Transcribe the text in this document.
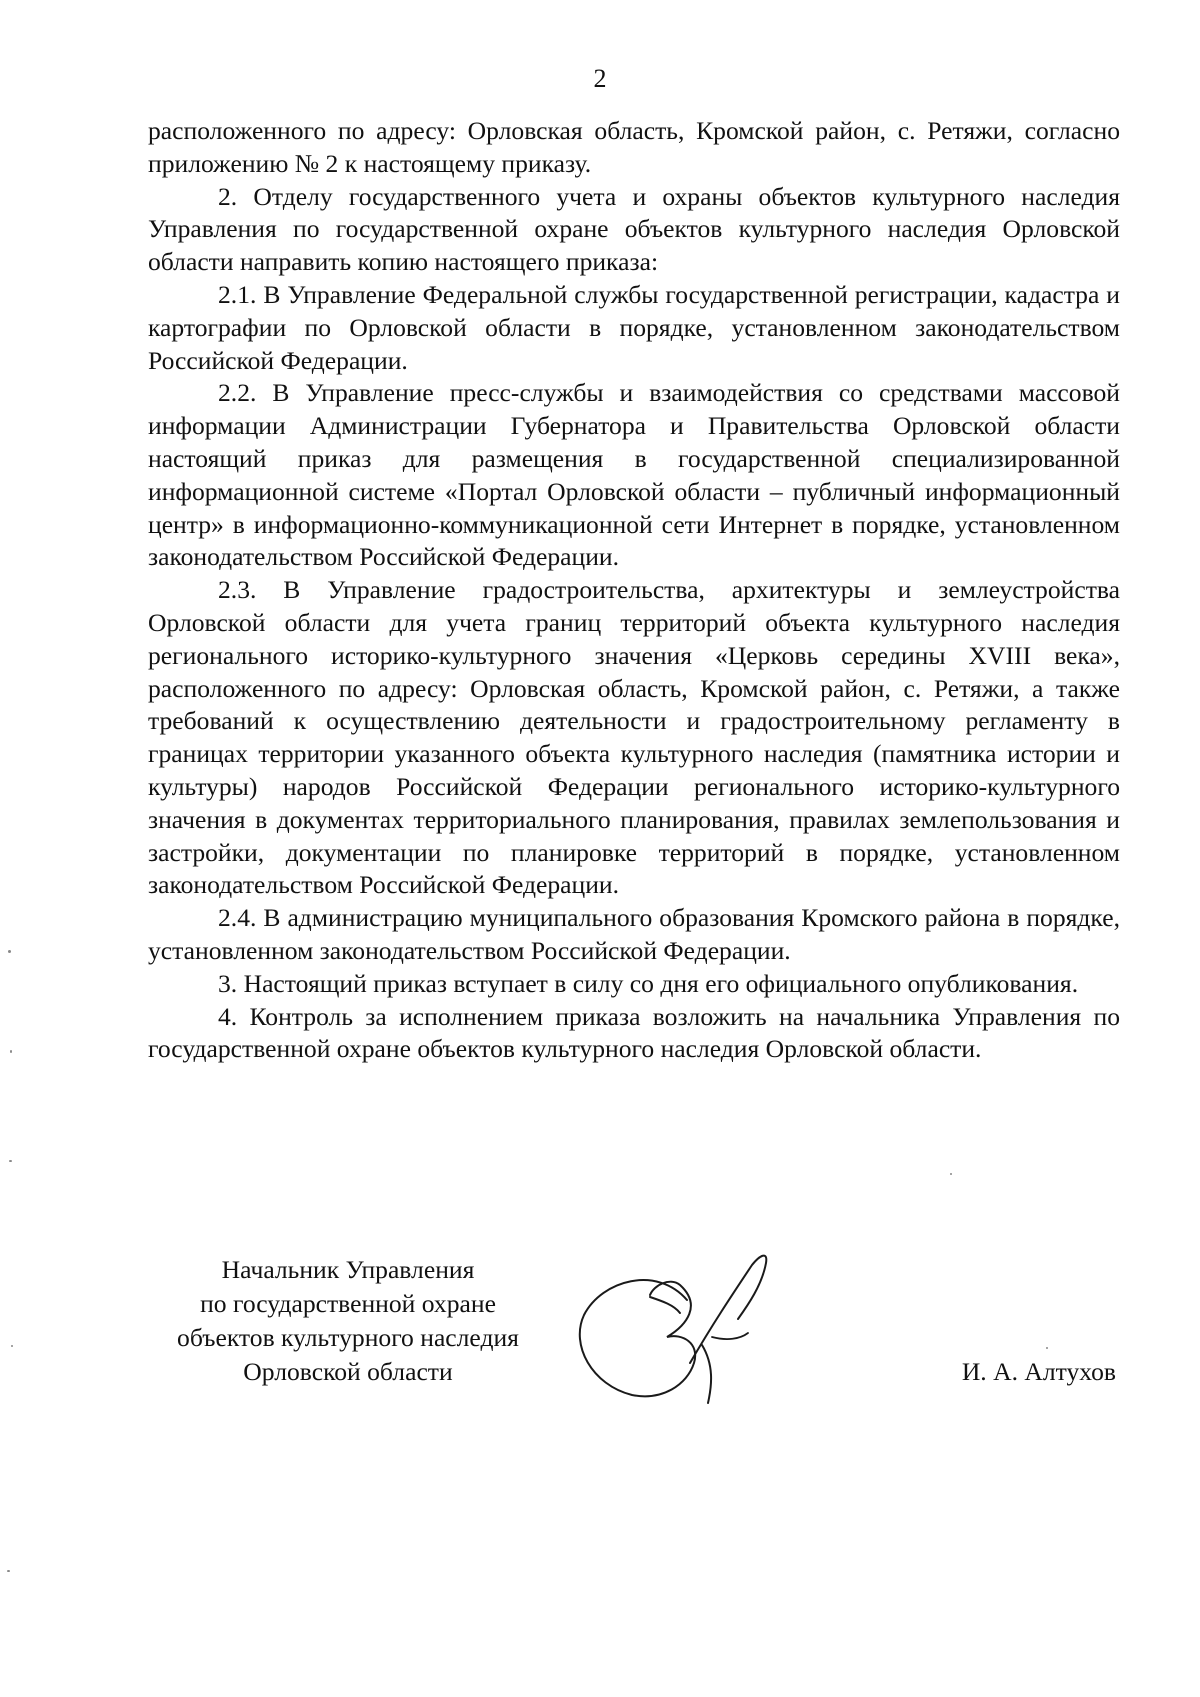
2

расположенного по адресу: Орловская область, Кромской район, с. Ретяжи, согласно приложению № 2 к настоящему приказу.

2. Отделу государственного учета и охраны объектов культурного наследия Управления по государственной охране объектов культурного наследия Орловской области направить копию настоящего приказа:

2.1. В Управление Федеральной службы государственной регистрации, кадастра и картографии по Орловской области в порядке, установленном законодательством Российской Федерации.

2.2. В Управление пресс-службы и взаимодействия со средствами массовой информации Администрации Губернатора и Правительства Орловской области настоящий приказ для размещения в государственной специализированной информационной системе «Портал Орловской области – публичный информационный центр» в информационно-коммуникационной сети Интернет в порядке, установленном законодательством Российской Федерации.

2.3. В Управление градостроительства, архитектуры и землеустройства Орловской области для учета границ территорий объекта культурного наследия регионального историко-культурного значения «Церковь середины XVIII века», расположенного по адресу: Орловская область, Кромской район, с. Ретяжи, а также требований к осуществлению деятельности и градостроительному регламенту в границах территории указанного объекта культурного наследия (памятника истории и культуры) народов Российской Федерации регионального историко-культурного значения в документах территориального планирования, правилах землепользования и застройки, документации по планировке территорий в порядке, установленном законодательством Российской Федерации.

2.4. В администрацию муниципального образования Кромского района в порядке, установленном законодательством Российской Федерации.

3. Настоящий приказ вступает в силу со дня его официального опубликования.

4. Контроль за исполнением приказа возложить на начальника Управления по государственной охране объектов культурного наследия Орловской области.

Начальник Управления
по государственной охране
объектов культурного наследия
Орловской области	И. А. Алтухов
